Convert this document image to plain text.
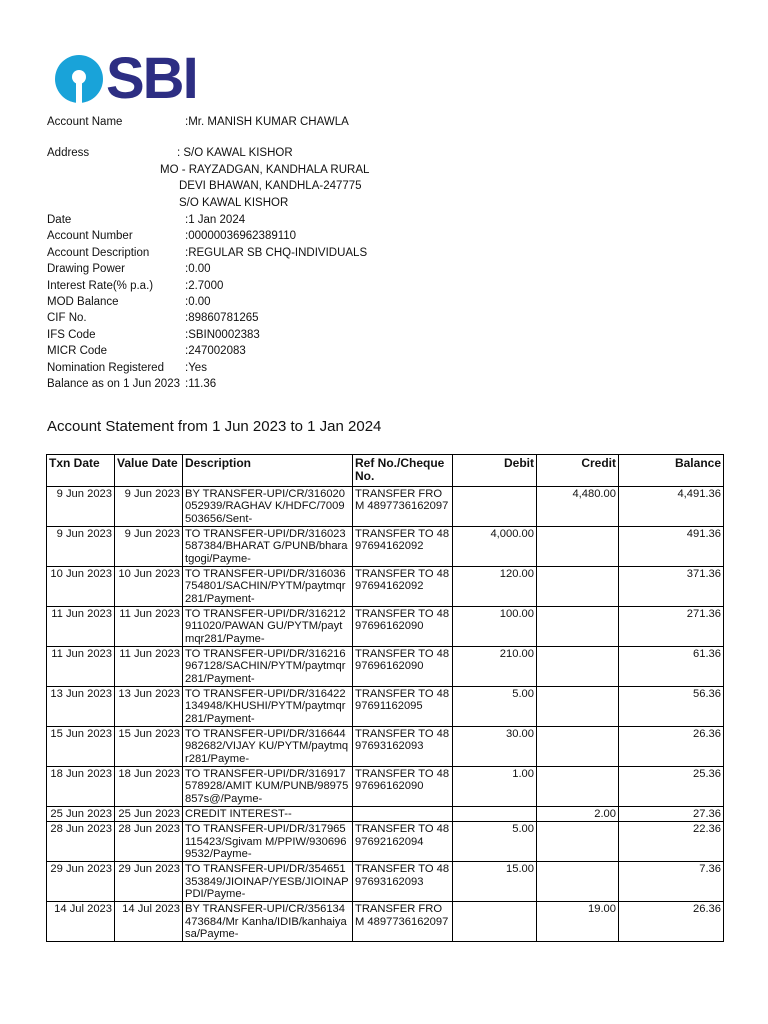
SBI
Account Name	:Mr. MANISH KUMAR CHAWLA
Address	: S/O KAWAL KISHOR
MO - RAYZADGAN, KANDHALA RURAL
DEVI BHAWAN, KANDHLA-247775
S/O KAWAL KISHOR
Date	:1 Jan 2024
Account Number	:00000036962389110
Account Description	:REGULAR SB CHQ-INDIVIDUALS
Drawing Power	:0.00
Interest Rate(% p.a.)	:2.7000
MOD Balance	:0.00
CIF No.	:89860781265
IFS Code	:SBIN0002383
MICR Code	:247002083
Nomination Registered :Yes
Balance as on 1 Jun 2023 :11.36
Account Statement from 1 Jun 2023 to 1 Jan 2024
Txn Date	Value Date	Description	Ref No./Cheque No.	Debit	Credit	Balance

9 Jun 2023	9 Jun 2023	BY TRANSFER-UPI/CR/316020052939/RAGHAV K/HDFC/7009503656/Sent-	TRANSFER FROM 4897736162097		4,480.00	4,491.36

9 Jun 2023	9 Jun 2023	TO TRANSFER-UPI/DR/316023587384/BHARAT G/PUNB/bharatgogi/Payme-	TRANSFER TO 4897694162092	4,000.00		491.36

10 Jun 2023	10 Jun 2023	TO TRANSFER-UPI/DR/316036754801/SACHIN/PYTM/paytmqr281/Payment-	TRANSFER TO 4897694162092	120.00		371.36

11 Jun 2023	11 Jun 2023	TO TRANSFER-UPI/DR/316212911020/PAWAN GU/PYTM/paytmqr281/Payme-	TRANSFER TO 4897696162090	100.00		271.36

11 Jun 2023	11 Jun 2023	TO TRANSFER-UPI/DR/316216967128/SACHIN/PYTM/paytmqr281/Payment-	TRANSFER TO 4897696162090	210.00		61.36

13 Jun 2023	13 Jun 2023	TO TRANSFER-UPI/DR/316422134948/KHUSHI/PYTM/paytmqr281/Payment-	TRANSFER TO 4897691162095	5.00		56.36

15 Jun 2023	15 Jun 2023	TO TRANSFER-UPI/DR/316644982682/VIJAY KU/PYTM/paytmqr281/Payme-	TRANSFER TO 4897693162093	30.00		26.36

18 Jun 2023	18 Jun 2023	TO TRANSFER-UPI/DR/316917578928/AMIT KUM/PUNB/98975857s@/Payme-	TRANSFER TO 4897696162090	1.00		25.36

25 Jun 2023	25 Jun 2023	CREDIT INTEREST--			2.00	27.36

28 Jun 2023	28 Jun 2023	TO TRANSFER-UPI/DR/317965115423/Sgivam M/PPIW/9306969532/Payme-	TRANSFER TO 4897692162094	5.00		22.36

29 Jun 2023	29 Jun 2023	TO TRANSFER-UPI/DR/354651353849/JIOINAP/YESB/JIOINAPPDI/Payme-	TRANSFER TO 4897693162093	15.00		7.36

14 Jul 2023	14 Jul 2023	BY TRANSFER-UPI/CR/356134473684/Mr Kanha/IDIB/kanhaiyasa/Payme-	TRANSFER FROM 4897736162097		19.00	26.36
